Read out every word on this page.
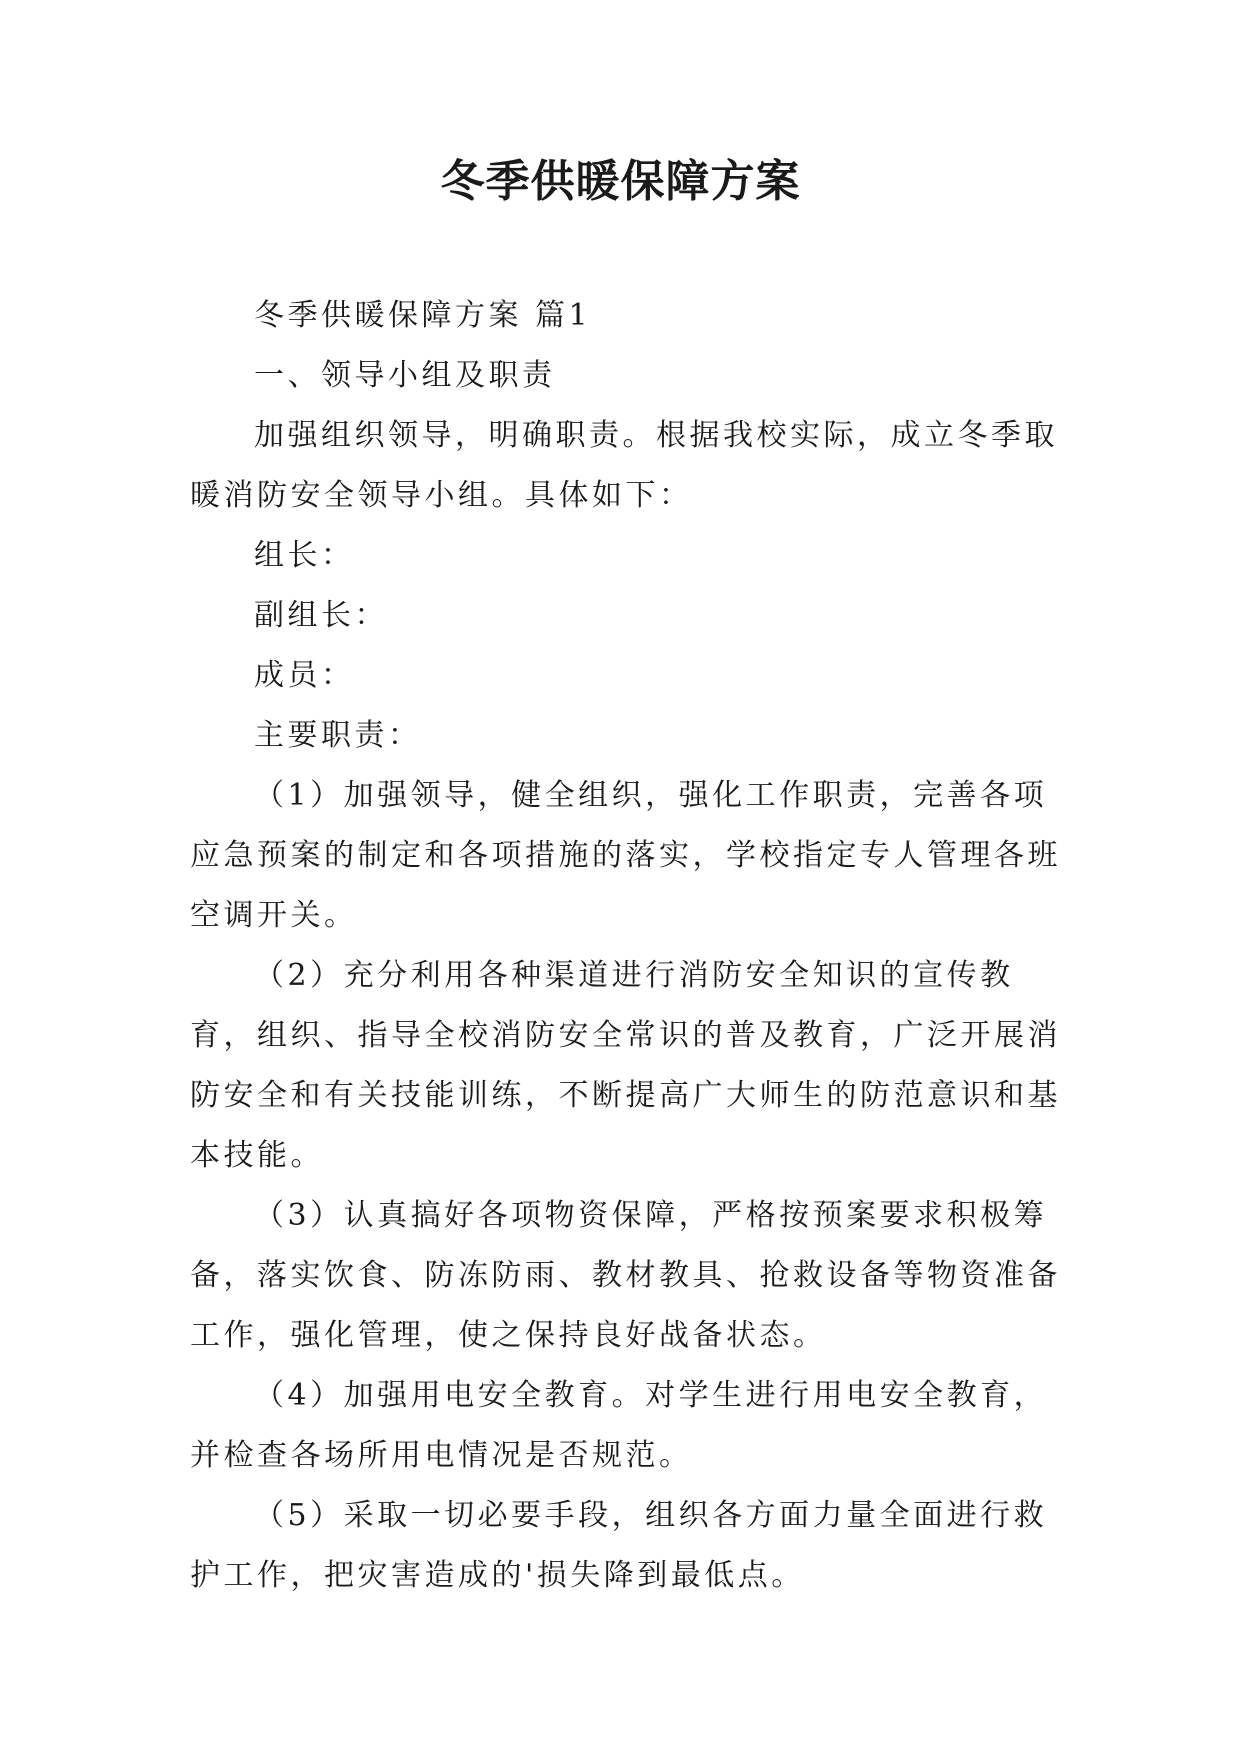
冬季供暖保障方案

冬季供暖保障方案 篇1

一、领导小组及职责

加强组织领导，明确职责。根据我校实际，成立冬季取暖消防安全领导小组。具体如下：

组长：

副组长：

成员：

主要职责：

（1）加强领导，健全组织，强化工作职责，完善各项应急预案的制定和各项措施的落实，学校指定专人管理各班空调开关。

（2）充分利用各种渠道进行消防安全知识的宣传教育，组织、指导全校消防安全常识的普及教育，广泛开展消防安全和有关技能训练，不断提高广大师生的防范意识和基本技能。

（3）认真搞好各项物资保障，严格按预案要求积极筹备，落实饮食、防冻防雨、教材教具、抢救设备等物资准备工作，强化管理，使之保持良好战备状态。

（4）加强用电安全教育。对学生进行用电安全教育，并检查各场所用电情况是否规范。

（5）采取一切必要手段，组织各方面力量全面进行救护工作，把灾害造成的'损失降到最低点。
